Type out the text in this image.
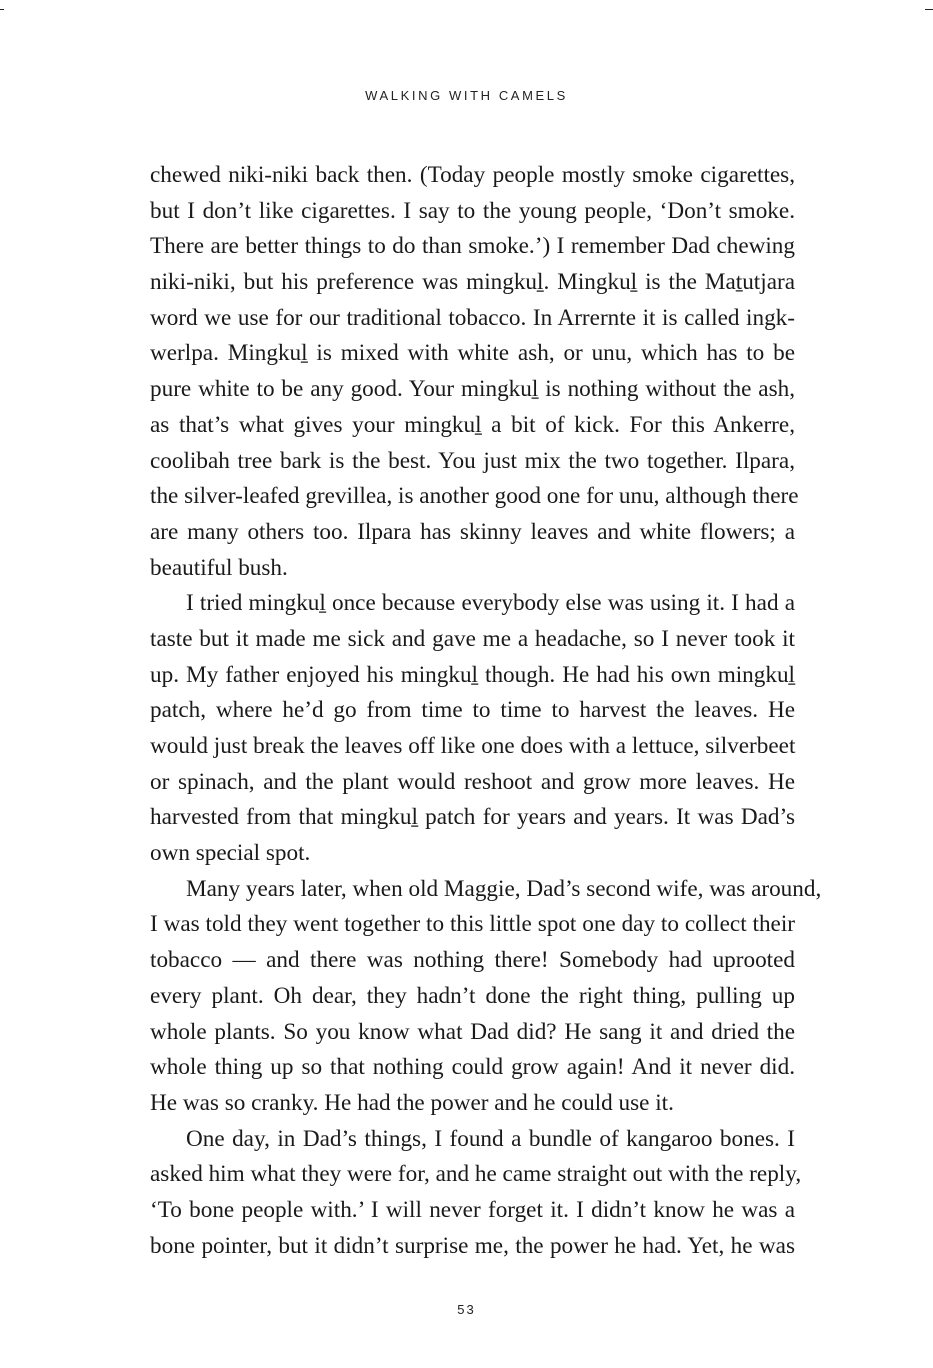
WALKING WITH CAMELS
chewed niki-niki back then. (Today people mostly smoke cigarettes,
but I don’t like cigarettes. I say to the young people, ‘Don’t smoke.
There are better things to do than smoke.’) I remember Dad chewing
niki-niki, but his preference was mingkuḻ. Mingkuḻ is the Maṯutjara
word we use for our traditional tobacco. In Arrernte it is called ingk-
werlpa. Mingkuḻ is mixed with white ash, or unu, which has to be
pure white to be any good. Your mingkuḻ is nothing without the ash,
as that’s what gives your mingkuḻ a bit of kick. For this Ankerre,
coolibah tree bark is the best. You just mix the two together. Ilpara,
the silver-leafed grevillea, is another good one for unu, although there
are many others too. Ilpara has skinny leaves and white flowers; a
beautiful bush.
I tried mingkuḻ once because everybody else was using it. I had a
taste but it made me sick and gave me a headache, so I never took it
up. My father enjoyed his mingkuḻ though. He had his own mingkuḻ
patch, where he’d go from time to time to harvest the leaves. He
would just break the leaves off like one does with a lettuce, silverbeet
or spinach, and the plant would reshoot and grow more leaves. He
harvested from that mingkuḻ patch for years and years. It was Dad’s
own special spot.
Many years later, when old Maggie, Dad’s second wife, was around,
I was told they went together to this little spot one day to collect their
tobacco — and there was nothing there! Somebody had uprooted
every plant. Oh dear, they hadn’t done the right thing, pulling up
whole plants. So you know what Dad did? He sang it and dried the
whole thing up so that nothing could grow again! And it never did.
He was so cranky. He had the power and he could use it.
One day, in Dad’s things, I found a bundle of kangaroo bones. I
asked him what they were for, and he came straight out with the reply,
‘To bone people with.’ I will never forget it. I didn’t know he was a
bone pointer, but it didn’t surprise me, the power he had. Yet, he was
53
